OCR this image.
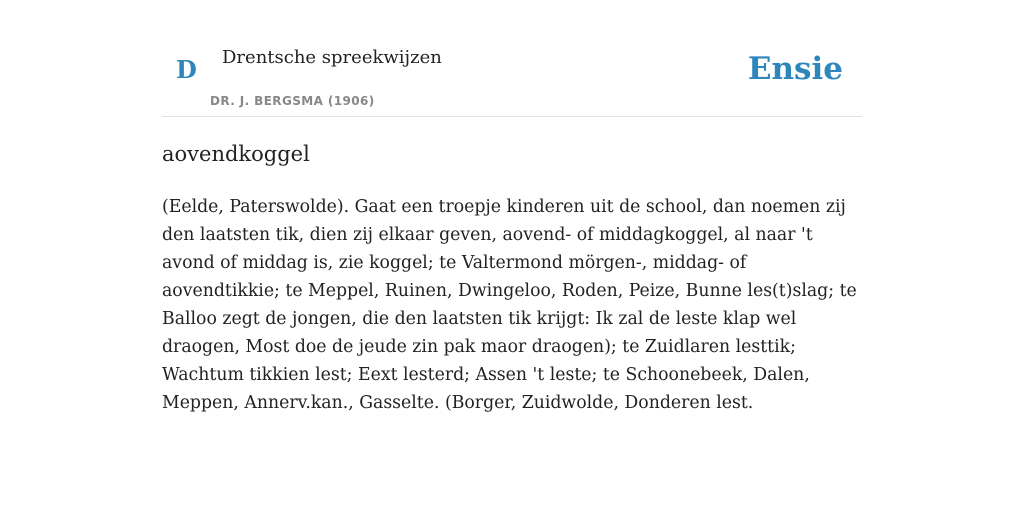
D Drentsche spreekwijzen
DR. J. BERGSMA (1906)
Ensie
aovendkoggel

(Eelde, Paterswolde). Gaat een troepje kinderen uit de school, dan noemen zij den laatsten tik, dien zij elkaar geven, aovend- of middagkoggel, al naar 't avond of middag is, zie koggel; te Valtermond mörgen-, middag- of aovendtikkie; te Meppel, Ruinen, Dwingeloo, Roden, Peize, Bunne les(t)slag; te Balloo zegt de jongen, die den laatsten tik krijgt: Ik zal de leste klap wel draogen, Most doe de jeude zin pak maor draogen); te Zuidlaren lesttik; Wachtum tikkien lest; Eext lesterd; Assen 't leste; te Schoonebeek, Dalen, Meppen, Annerv.kan., Gasselte. (Borger, Zuidwolde, Donderen lest.
